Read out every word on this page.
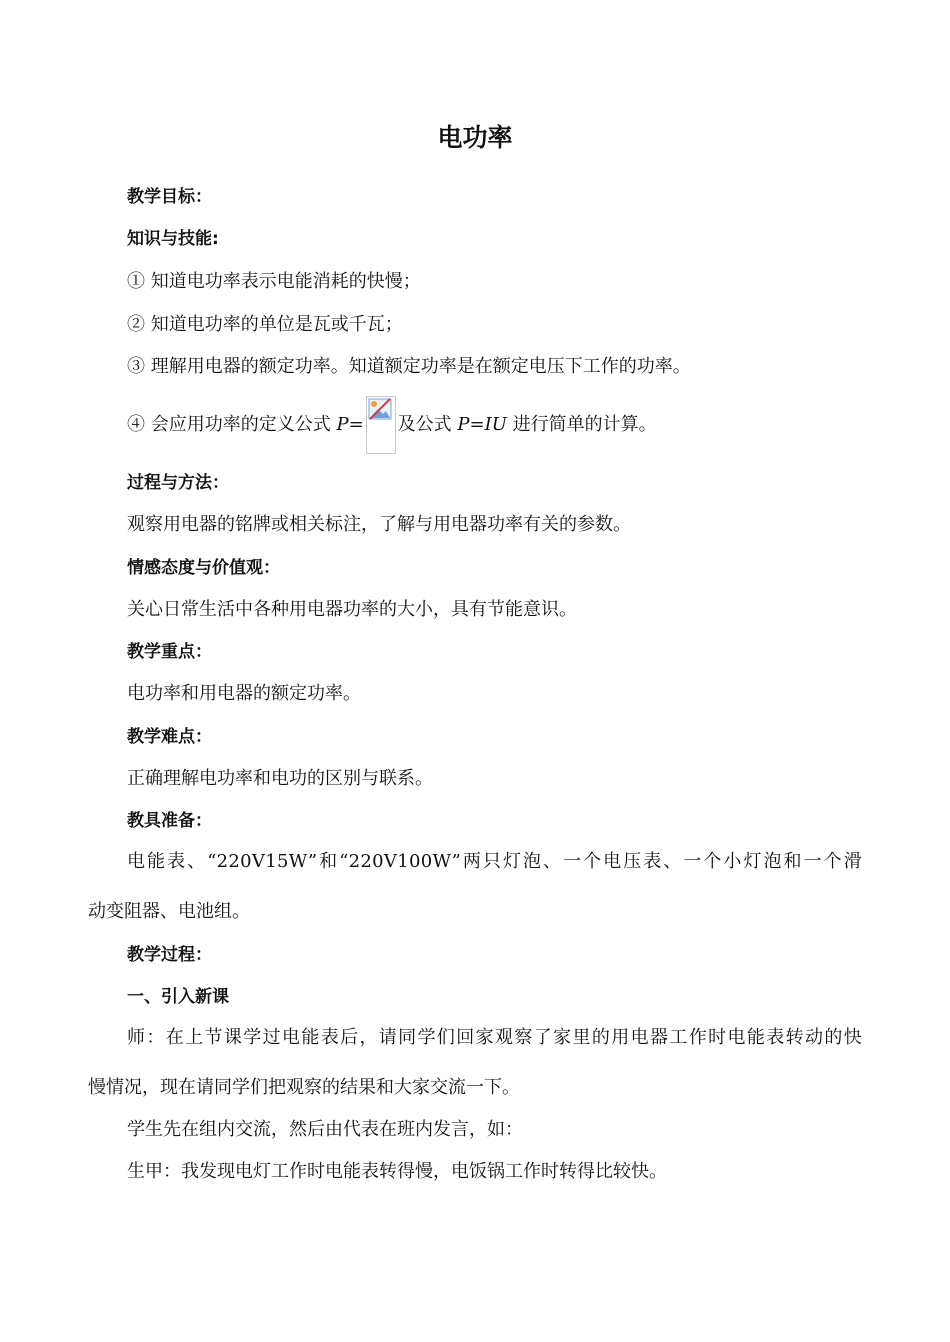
电功率
教学目标：
知识与技能:
① 知道电功率表示电能消耗的快慢；
② 知道电功率的单位是瓦或千瓦；
③ 理解用电器的额定功率。知道额定功率是在额定电压下工作的功率。
④ 会应用功率的定义公式 P= 及公式 P=IU 进行简单的计算。
过程与方法：
观察用电器的铭牌或相关标注，了解与用电器功率有关的参数。
情感态度与价值观：
关心日常生活中各种用电器功率的大小，具有节能意识。
教学重点：
电功率和用电器的额定功率。
教学难点：
正确理解电功率和电功的区别与联系。
教具准备：
电能表、“220V15W”和“220V100W”两只灯泡、一个电压表、一个小灯泡和一个滑
动变阻器、电池组。
教学过程：
一、引入新课
师：在上节课学过电能表后，请同学们回家观察了家里的用电器工作时电能表转动的快
慢情况，现在请同学们把观察的结果和大家交流一下。
学生先在组内交流，然后由代表在班内发言，如：
生甲：我发现电灯工作时电能表转得慢，电饭锅工作时转得比较快。
